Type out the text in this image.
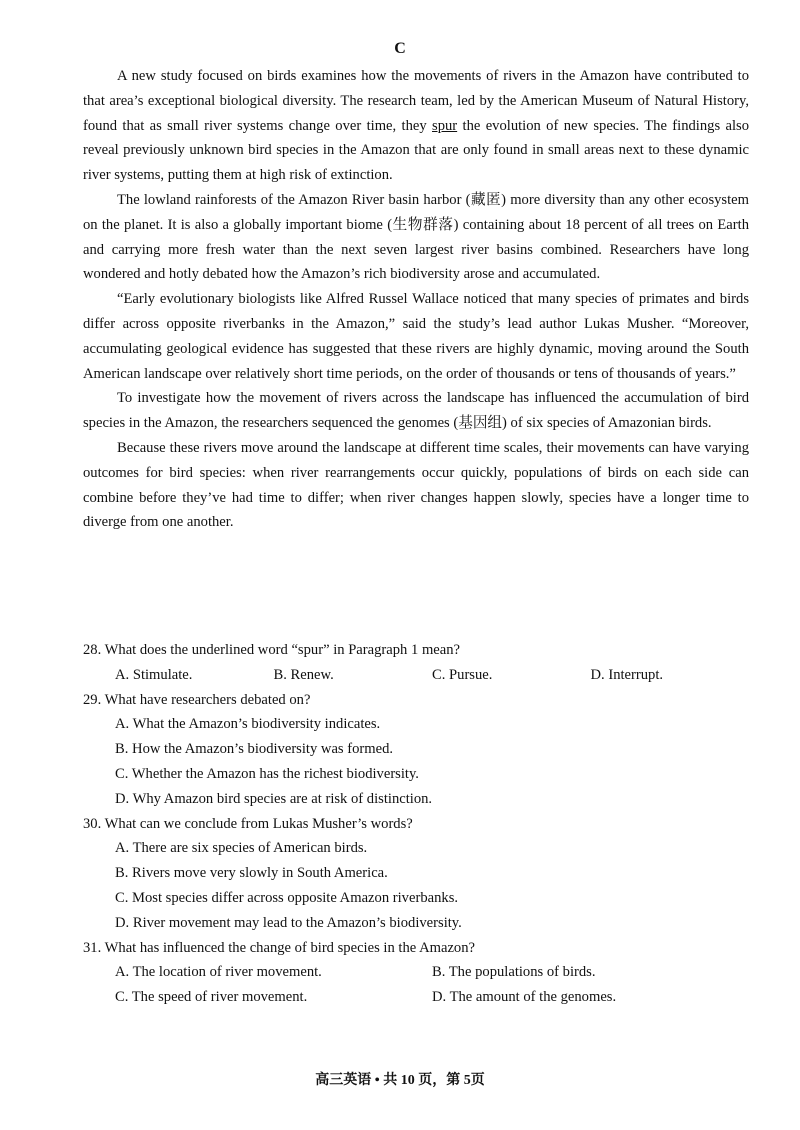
C

A new study focused on birds examines how the movements of rivers in the Amazon have contributed to that area’s exceptional biological diversity. The research team, led by the American Museum of Natural History, found that as small river systems change over time, they spur the evolution of new species. The findings also reveal previously unknown bird species in the Amazon that are only found in small areas next to these dynamic river systems, putting them at high risk of extinction.

The lowland rainforests of the Amazon River basin harbor (藏匿) more diversity than any other ecosystem on the planet. It is also a globally important biome (生物群落) containing about 18 percent of all trees on Earth and carrying more fresh water than the next seven largest river basins combined. Researchers have long wondered and hotly debated how the Amazon’s rich biodiversity arose and accumulated.

“Early evolutionary biologists like Alfred Russel Wallace noticed that many species of primates and birds differ across opposite riverbanks in the Amazon,” said the study’s lead author Lukas Musher. “Moreover, accumulating geological evidence has suggested that these rivers are highly dynamic, moving around the South American landscape over relatively short time periods, on the order of thousands or tens of thousands of years.”

To investigate how the movement of rivers across the landscape has influenced the accumulation of bird species in the Amazon, the researchers sequenced the genomes (基因组) of six species of Amazonian birds.

Because these rivers move around the landscape at different time scales, their movements can have varying outcomes for bird species: when river rearrangements occur quickly, populations of birds on each side can combine before they’ve had time to differ; when river changes happen slowly, species have a longer time to diverge from one another.

28. What does the underlined word “spur” in Paragraph 1 mean?

A. Stimulate.	B. Renew.	C. Pursue.	D. Interrupt.

29. What have researchers debated on?

A. What the Amazon’s biodiversity indicates.

B. How the Amazon’s biodiversity was formed.

C. Whether the Amazon has the richest biodiversity.

D. Why Amazon bird species are at risk of distinction.

30. What can we conclude from Lukas Musher’s words?

A. There are six species of American birds.

B. Rivers move very slowly in South America.

C. Most species differ across opposite Amazon riverbanks.

D. River movement may lead to the Amazon’s biodiversity.

31. What has influenced the change of bird species in the Amazon?

A. The location of river movement.	B. The populations of birds.
C. The speed of river movement.	D. The amount of the genomes.
高三英语 • 共 10 页，第 5页
